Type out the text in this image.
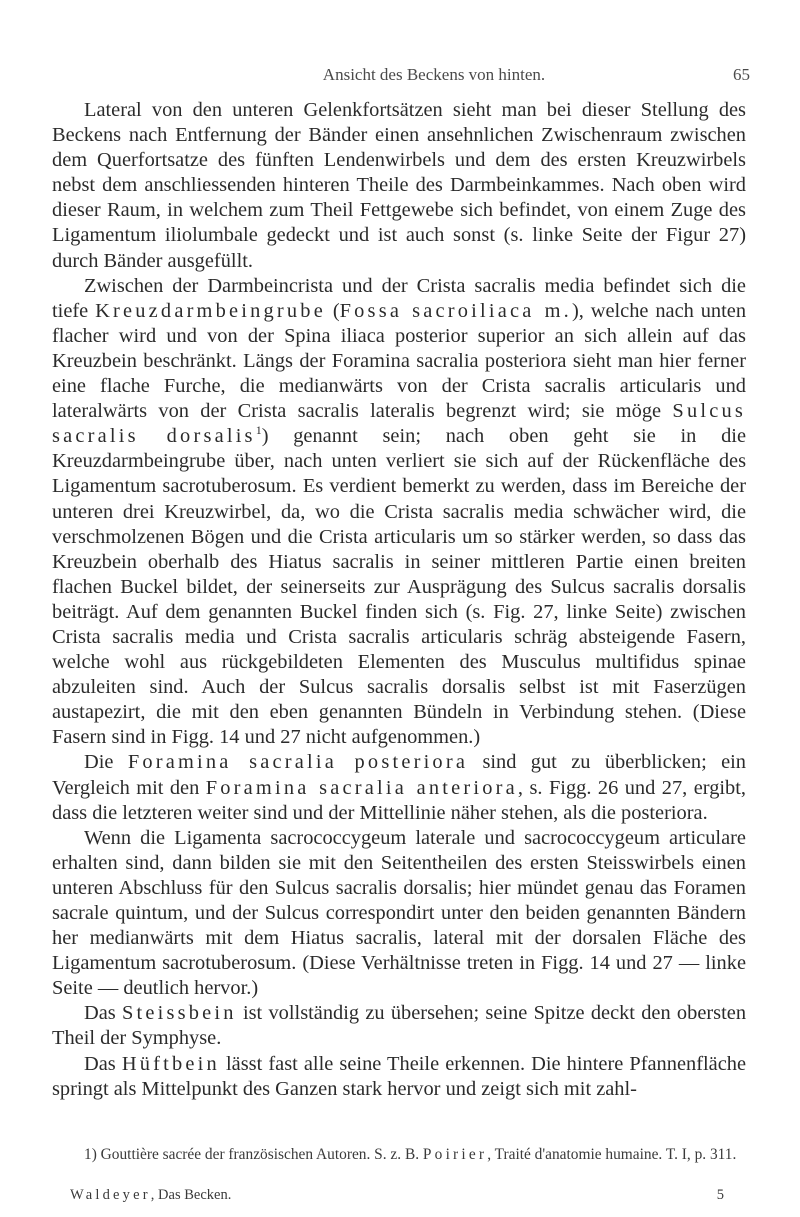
Ansicht des Beckens von hinten.	65

Lateral von den unteren Gelenkfortsätzen sieht man bei dieser Stellung des Beckens nach Entfernung der Bänder einen ansehnlichen Zwischenraum zwischen dem Querfortsatze des fünften Lendenwirbels und dem des ersten Kreuzwirbels nebst dem anschliessenden hinteren Theile des Darmbeinkammes. Nach oben wird dieser Raum, in welchem zum Theil Fettgewebe sich befindet, von einem Zuge des Ligamentum iliolumbale gedeckt und ist auch sonst (s. linke Seite der Figur 27) durch Bänder ausgefüllt.

Zwischen der Darmbeincrista und der Crista sacralis media befindet sich die tiefe Kreuzdarmbeingrube (Fossa sacroiliaca m.), welche nach unten flacher wird und von der Spina iliaca posterior superior an sich allein auf das Kreuzbein beschränkt. Längs der Foramina sacralia posteriora sieht man hier ferner eine flache Furche, die medianwärts von der Crista sacralis articularis und lateralwärts von der Crista sacralis lateralis begrenzt wird; sie möge Sulcus sacralis dorsalis$^1$) genannt sein; nach oben geht sie in die Kreuzdarmbeingrube über, nach unten verliert sie sich auf der Rückenfläche des Ligamentum sacrotuberosum. Es verdient bemerkt zu werden, dass im Bereiche der unteren drei Kreuzwirbel, da, wo die Crista sacralis media schwächer wird, die verschmolzenen Bögen und die Crista articularis um so stärker werden, so dass das Kreuzbein oberhalb des Hiatus sacralis in seiner mittleren Partie einen breiten flachen Buckel bildet, der seinerseits zur Ausprägung des Sulcus sacralis dorsalis beiträgt. Auf dem genannten Buckel finden sich (s. Fig. 27, linke Seite) zwischen Crista sacralis media und Crista sacralis articularis schräg absteigende Fasern, welche wohl aus rückgebildeten Elementen des Musculus multifidus spinae abzuleiten sind. Auch der Sulcus sacralis dorsalis selbst ist mit Faserzügen austapezirt, die mit den eben genannten Bündeln in Verbindung stehen. (Diese Fasern sind in Figg. 14 und 27 nicht aufgenommen.)

Die Foramina sacralia posteriora sind gut zu überblicken; ein Vergleich mit den Foramina sacralia anteriora, s. Figg. 26 und 27, ergibt, dass die letzteren weiter sind und der Mittellinie näher stehen, als die posteriora.

Wenn die Ligamenta sacrococcygeum laterale und sacrococcygeum articulare erhalten sind, dann bilden sie mit den Seitentheilen des ersten Steisswirbels einen unteren Abschluss für den Sulcus sacralis dorsalis; hier mündet genau das Foramen sacrale quintum, und der Sulcus correspondirt unter den beiden genannten Bändern her medianwärts mit dem Hiatus sacralis, lateral mit der dorsalen Fläche des Ligamentum sacrotuberosum. (Diese Verhältnisse treten in Figg. 14 und 27 — linke Seite — deutlich hervor.)

Das Steissbein ist vollständig zu übersehen; seine Spitze deckt den obersten Theil der Symphyse.

Das Hüftbein lässt fast alle seine Theile erkennen. Die hintere Pfannenfläche springt als Mittelpunkt des Ganzen stark hervor und zeigt sich mit zahl-

1) Gouttière sacrée der französischen Autoren. S. z. B. Poirier, Traité d'anatomie humaine. T. I, p. 311.

Waldeyer, Das Becken.	5
